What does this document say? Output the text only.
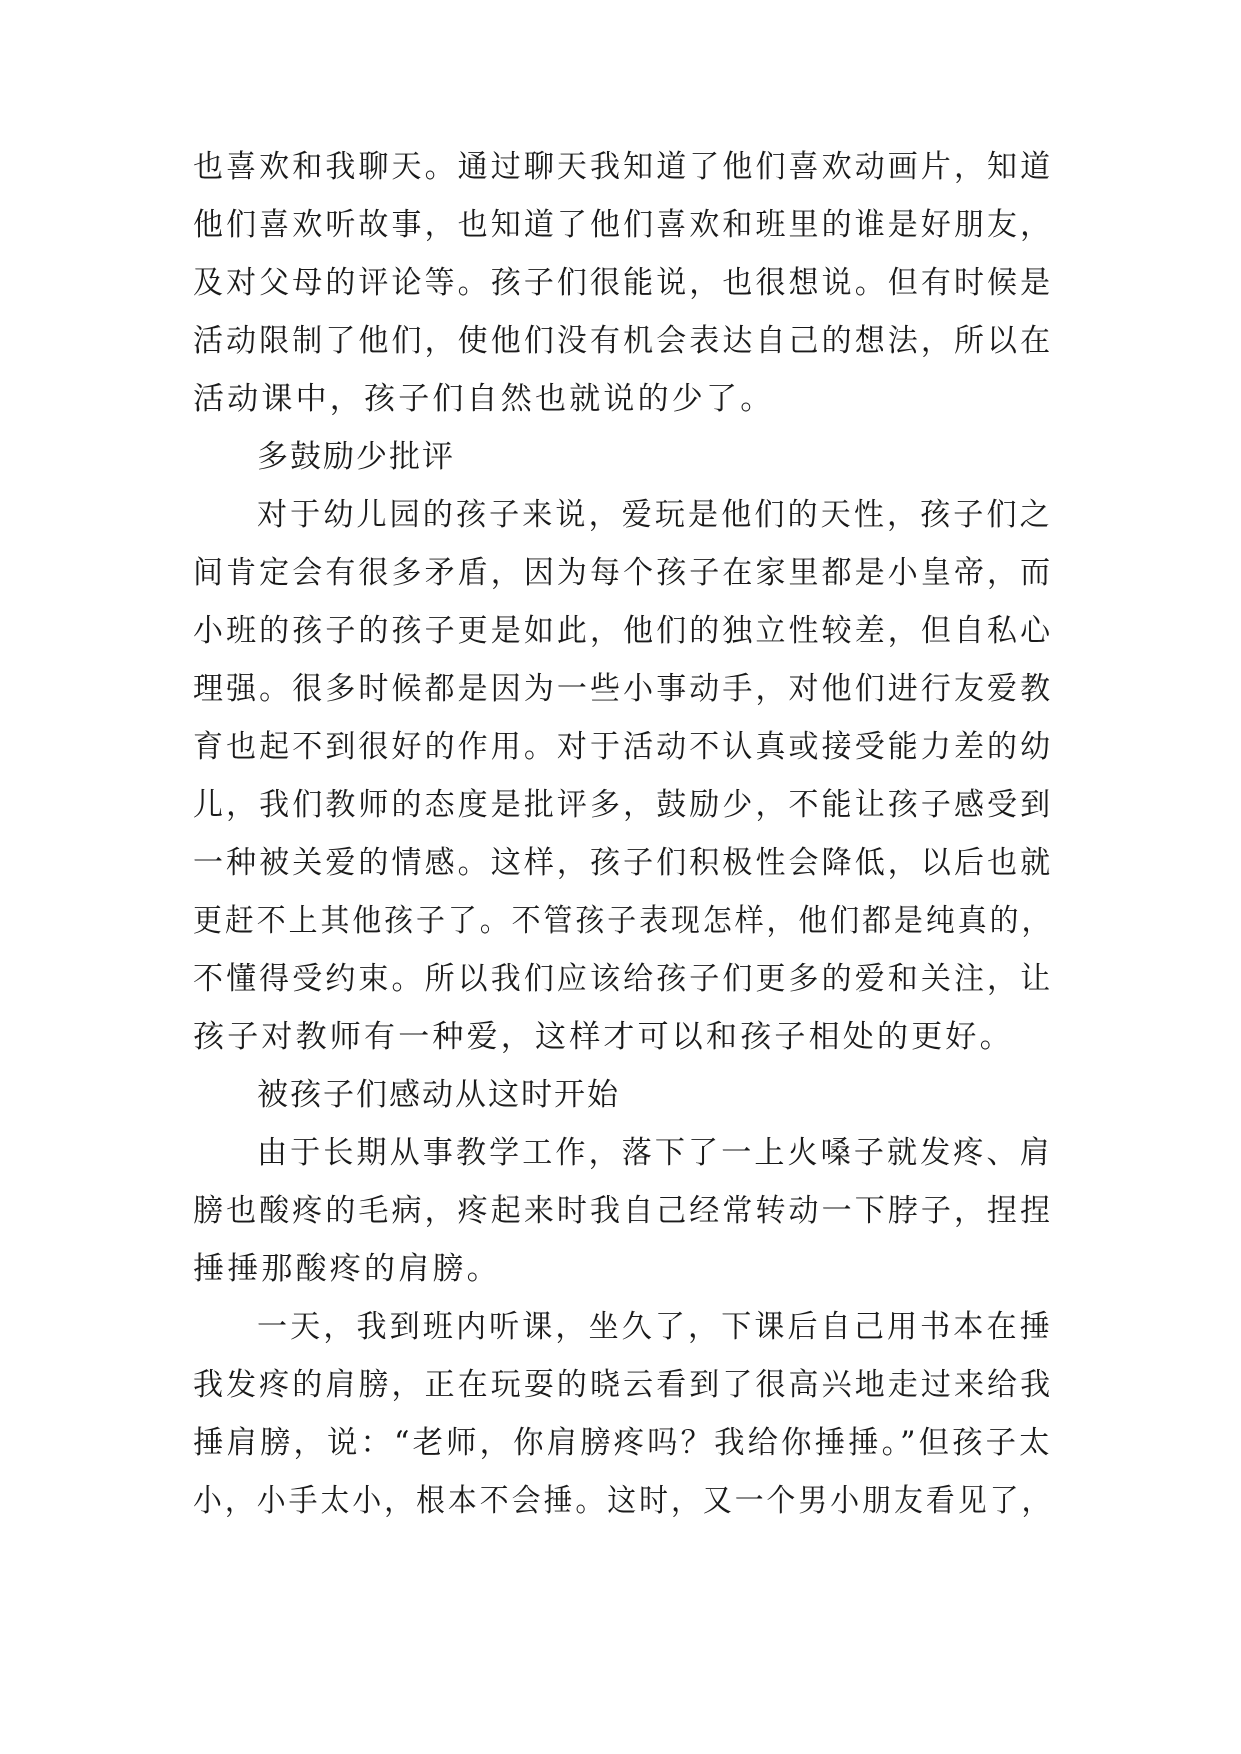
也喜欢和我聊天。通过聊天我知道了他们喜欢动画片，知道
他们喜欢听故事，也知道了他们喜欢和班里的谁是好朋友，
及对父母的评论等。孩子们很能说，也很想说。但有时候是
活动限制了他们，使他们没有机会表达自己的想法，所以在
活动课中，孩子们自然也就说的少了。
多鼓励少批评
对于幼儿园的孩子来说，爱玩是他们的天性，孩子们之
间肯定会有很多矛盾，因为每个孩子在家里都是小皇帝，而
小班的孩子的孩子更是如此，他们的独立性较差，但自私心
理强。很多时候都是因为一些小事动手，对他们进行友爱教
育也起不到很好的作用。对于活动不认真或接受能力差的幼
儿，我们教师的态度是批评多，鼓励少，不能让孩子感受到
一种被关爱的情感。这样，孩子们积极性会降低，以后也就
更赶不上其他孩子了。不管孩子表现怎样，他们都是纯真的，
不懂得受约束。所以我们应该给孩子们更多的爱和关注，让
孩子对教师有一种爱，这样才可以和孩子相处的更好。
被孩子们感动从这时开始
由于长期从事教学工作，落下了一上火嗓子就发疼、肩
膀也酸疼的毛病，疼起来时我自己经常转动一下脖子，捏捏
捶捶那酸疼的肩膀。
一天，我到班内听课，坐久了，下课后自己用书本在捶
我发疼的肩膀，正在玩耍的晓云看到了很高兴地走过来给我
捶肩膀，说：“老师，你肩膀疼吗？我给你捶捶。”但孩子太
小，小手太小，根本不会捶。这时，又一个男小朋友看见了，
